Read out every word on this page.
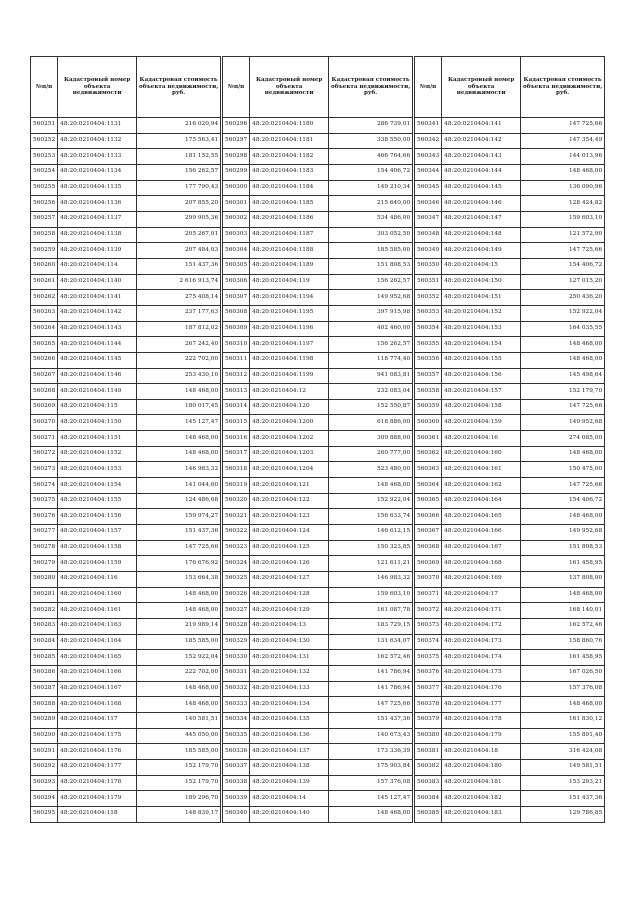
№п/п	Кадастровый номер объекта недвижимости	Кадастровая стоимость объекта недвижимости, руб.
560251	48:20:0210404:1131	216 020,94
560252	48:20:0210404:1132	175 563,41
560253	48:20:0210404:1133	181 152,55
560254	48:20:0210404:1134	156 262,57
560255	48:20:0210404:1135	177 790,43
560256	48:20:0210404:1136	207 855,20
560257	48:20:0210404:1137	299 905,36
560258	48:20:0210404:1138	205 267,01
560259	48:20:0210404:1139	207 484,03
560260	48:20:0210404:114	151 437,36
560261	48:20:0210404:1140	2 616 913,74
560262	48:20:0210404:1141	275 408,14
560263	48:20:0210404:1142	237 177,63
560264	48:20:0210404:1143	187 812,02
560265	48:20:0210404:1144	267 242,40
560266	48:20:0210404:1145	222 702,00
560267	48:20:0210404:1146	253 430,10
560268	48:20:0210404:1149	148 468,00
560269	48:20:0210404:115	180 017,45
560270	48:20:0210404:1150	145 127,47
560271	48:20:0210404:1151	148 468,00
560272	48:20:0210404:1152	148 468,00
560273	48:20:0210404:1153	146 983,32
560274	48:20:0210404:1154	141 044,60
560275	48:20:0210404:1155	124 486,68
560276	48:20:0210404:1156	159 974,27
560277	48:20:0210404:1157	151 437,36
560278	48:20:0210404:1158	147 725,66
560279	48:20:0210404:1159	176 676,92
560280	48:20:0210404:116	153 664,38
560281	48:20:0210404:1160	148 468,00
560282	48:20:0210404:1161	148 468,00
560283	48:20:0210404:1163	219 989,14
560284	48:20:0210404:1164	185 585,00
560285	48:20:0210404:1165	152 922,04
560286	48:20:0210404:1166	222 702,00
560287	48:20:0210404:1167	148 468,00
560288	48:20:0210404:1168	148 468,00
560289	48:20:0210404:117	140 581,51
560290	48:20:0210404:1175	445 050,00
560291	48:20:0210404:1176	185 585,00
560292	48:20:0210404:1177	152 179,70
560293	48:20:0210404:1178	152 179,70
560294	48:20:0210404:1179	189 296,70
560295	48:20:0210404:118	148 839,17
№п/п	Кадастровый номер объекта недвижимости	Кадастровая стоимость объекта недвижимости, руб.
560296	48:20:0210404:1180	286 739,01
560297	48:20:0210404:1181	338 550,00
560298	48:20:0210404:1182	466 764,66
560299	48:20:0210404:1183	154 406,72
560300	48:20:0210404:1184	149 210,34
560301	48:20:0210404:1185	215 640,00
560302	48:20:0210404:1186	534 486,00
560303	48:20:0210404:1187	303 052,50
560304	48:20:0210404:1188	185 585,00
560305	48:20:0210404:1189	151 808,53
560306	48:20:0210404:119	156 262,57
560307	48:20:0210404:1194	149 952,68
560308	48:20:0210404:1195	397 915,98
560309	48:20:0210404:1196	402 460,00
560310	48:20:0210404:1197	156 262,57
560311	48:20:0210404:1198	118 774,40
560312	48:20:0210404:1199	941 083,81
560313	48:20:0210404:12	232 083,04
560314	48:20:0210404:120	152 550,87
560315	48:20:0210404:1200	618 886,00
560316	48:20:0210404:1202	309 888,00
560317	48:20:0210404:1203	260 777,00
560318	48:20:0210404:1204	523 480,00
560319	48:20:0210404:121	148 468,00
560320	48:20:0210404:122	152 922,04
560321	48:20:0210404:123	156 633,74
560322	48:20:0210404:124	146 612,15
560323	48:20:0210404:125	150 323,85
560324	48:20:0210404:126	121 611,21
560325	48:20:0210404:127	146 983,32
560326	48:20:0210404:128	159 603,10
560327	48:20:0210404:129	161 087,78
560328	48:20:0210404:13	183 729,15
560329	48:20:0210404:130	131 634,07
560330	48:20:0210404:131	162 572,46
560331	48:20:0210404:132	141 786,94
560332	48:20:0210404:133	141 786,94
560333	48:20:0210404:134	147 725,66
560334	48:20:0210404:135	151 437,36
560335	48:20:0210404:136	140 673,43
560336	48:20:0210404:137	173 336,39
560337	48:20:0210404:138	175 903,84
560338	48:20:0210404:139	157 376,08
560339	48:20:0210404:14	145 127,47
560340	48:20:0210404:140	148 468,00
№п/п	Кадастровый номер объекта недвижимости	Кадастровая стоимость объекта недвижимости, руб.
560341	48:20:0210404:141	147 725,66
560342	48:20:0210404:142	147 354,49
560343	48:20:0210404:143	144 013,96
560344	48:20:0210404:144	148 468,00
560345	48:20:0210404:145	136 090,96
560346	48:20:0210404:146	128 424,82
560347	48:20:0210404:147	159 603,10
560348	48:20:0210404:148	121 572,90
560349	48:20:0210404:149	147 725,66
560350	48:20:0210404:15	154 406,72
560351	48:20:0210404:150	127 015,20
560352	48:20:0210404:151	250 436,20
560353	48:20:0210404:152	152 922,04
560354	48:20:0210404:153	164 035,55
560355	48:20:0210404:154	148 468,00
560356	48:20:0210404:155	148 468,00
560357	48:20:0210404:156	145 498,64
560358	48:20:0210404:157	152 179,70
560359	48:20:0210404:158	147 725,66
560360	48:20:0210404:159	149 952,68
560361	48:20:0210404:16	274 085,00
560362	48:20:0210404:160	148 468,00
560363	48:20:0210404:161	150 475,00
560364	48:20:0210404:162	147 725,66
560365	48:20:0210404:164	154 406,72
560366	48:20:0210404:165	148 468,00
560367	48:20:0210404:166	149 952,68
560368	48:20:0210404:167	151 808,53
560369	48:20:0210404:168	161 458,95
560370	48:20:0210404:169	137 808,00
560371	48:20:0210404:17	148 468,00
560372	48:20:0210404:171	168 140,01
560373	48:20:0210404:172	162 572,46
560374	48:20:0210404:173	158 860,76
560375	48:20:0210404:174	161 458,95
560376	48:20:0210404:175	167 026,50
560377	48:20:0210404:176	157 376,08
560378	48:20:0210404:177	148 468,00
560379	48:20:0210404:178	161 830,12
560380	48:20:0210404:179	155 891,40
560381	48:20:0210404:18	316 424,08
560382	48:20:0210404:180	149 581,51
560383	48:20:0210404:181	153 293,21
560384	48:20:0210404:182	151 437,36
560385	48:20:0210404:183	129 786,85
